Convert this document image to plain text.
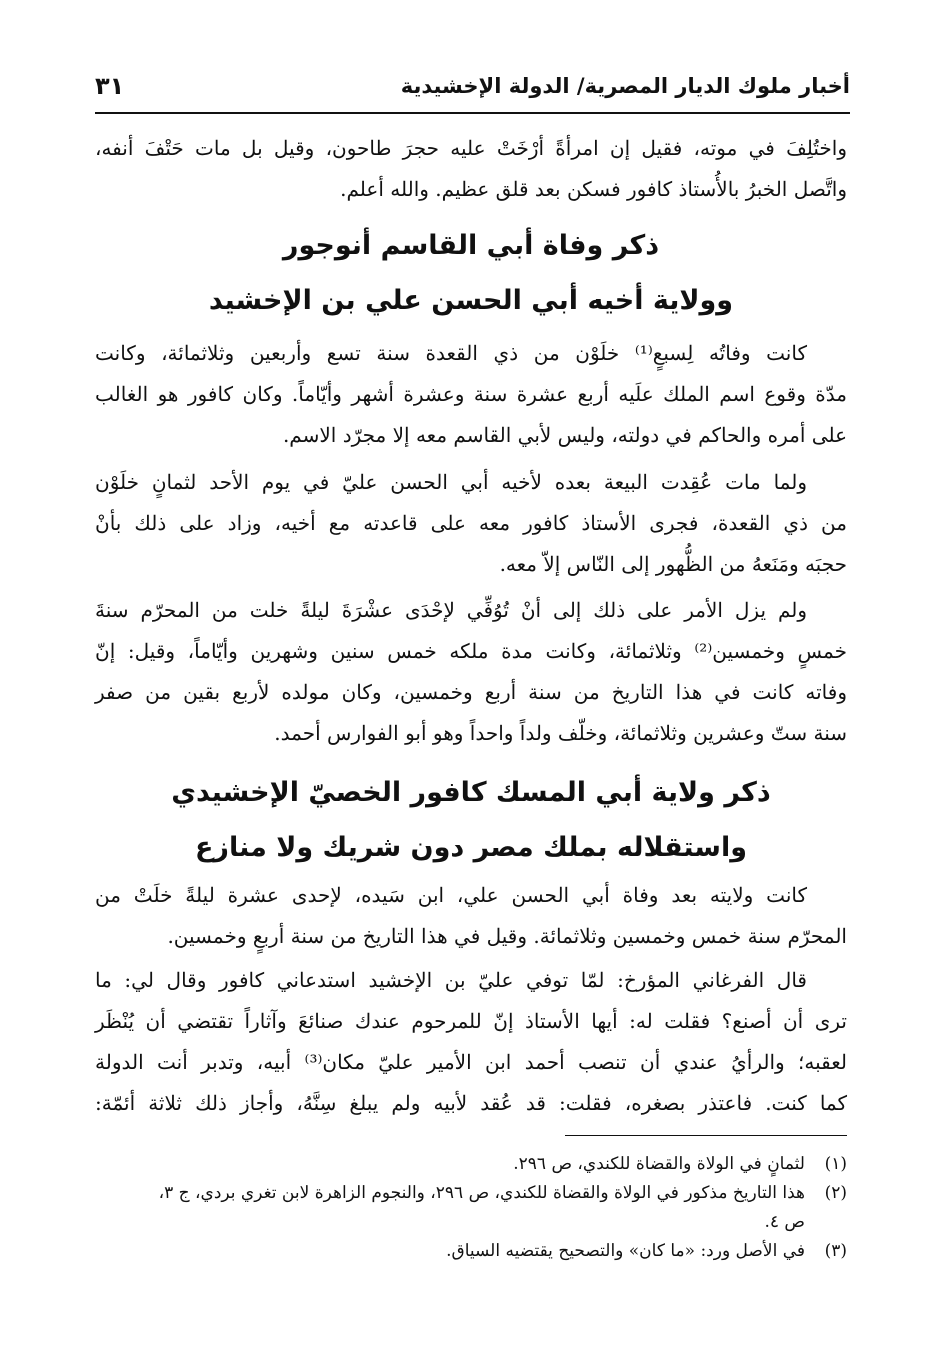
أخبار ملوك الديار المصرية/ الدولة الإخشيدية
٣١
واختُلِفَ في موته، فقيل إن امرأةً أرْخَتْ عليه حجرَ طاحون، وقيل بل مات حَتْفَ أنفه،
واتَّصل الخبرُ بالأُستاذ كافور فسكن بعد قلق عظيم. والله أعلم.
ذكر وفاة أبي القاسم أنوجور
وولاية أخيه أبي الحسن علي بن الإخشيد
كانت وفاتُه لِسبعٍ⁽¹⁾ خلَوْن من ذي القعدة سنة تسع وأربعين وثلاثمائة، وكانت
مدّة وقوع اسم الملك علَيه أربع عشرة سنة وعشرة أشهر وأيّاماً. وكان كافور هو الغالب
على أمره والحاكم في دولته، وليس لأبي القاسم معه إلا مجرّد الاسم.
ولما مات عُقِدت البيعة بعده لأخيه أبي الحسن عليّ في يوم الأحد لثمانٍ خلَوْن
من ذي القعدة، فجرى الأستاذ كافور معه على قاعدته مع أخيه، وزاد على ذلك بأنْ
حجبَه ومَنَعهُ من الظُّهور إلى النّاس إلاّ معه.
ولم يزل الأمر على ذلك إلى أنْ تُوُفِّي لإحْدَى عشْرَةَ ليلةً خلت من المحرّم سنةَ
خمسٍ وخمسين⁽²⁾ وثلاثمائة، وكانت مدة ملكه خمس سنين وشهرين وأيّاماً، وقيل: إنّ
وفاته كانت في هذا التاريخ من سنة أربع وخمسين، وكان مولده لأربع بقين من صفر
سنة ستّ وعشرين وثلاثمائة، وخلّف ولداً واحداً وهو أبو الفوارس أحمد.
ذكر ولاية أبي المسك كافور الخصيّ الإخشيدي
واستقلاله بملك مصر دون شريك ولا منازع
كانت ولايته بعد وفاة أبي الحسن علي، ابن سَيده، لإحدى عشرة ليلةً خلَتْ من
المحرّم سنة خمس وخمسين وثلاثمائة. وقيل في هذا التاريخ من سنة أربعٍ وخمسين.
قال الفرغاني المؤرخ: لمّا توفي عليّ بن الإخشيد استدعاني كافور وقال لي: ما
ترى أن أصنع؟ فقلت له: أيها الأستاذ إنّ للمرحوم عندك صنائعَ وآثاراً تقتضي أن يُنْظَر
لعقبه؛ والرأيُ عندي أن تنصب أحمد ابن الأمير عليّ مكان⁽³⁾ أبيه، وتدبر أنت الدولة
كما كنت. فاعتذر بصغره، فقلت: قد عُقد لأبيه ولم يبلغ سِنَّهُ، وأجاز ذلك ثلاثة أئمّة:
(١)
لثمانٍ في الولاة والقضاة للكندي، ص ٢٩٦.
(٢)
هذا التاريخ مذكور في الولاة والقضاة للكندي، ص ٢٩٦، والنجوم الزاهرة لابن تغري بردي، ج ٣،
ص ٤.
(٣)
في الأصل ورد: «ما كان» والتصحيح يقتضيه السياق.
